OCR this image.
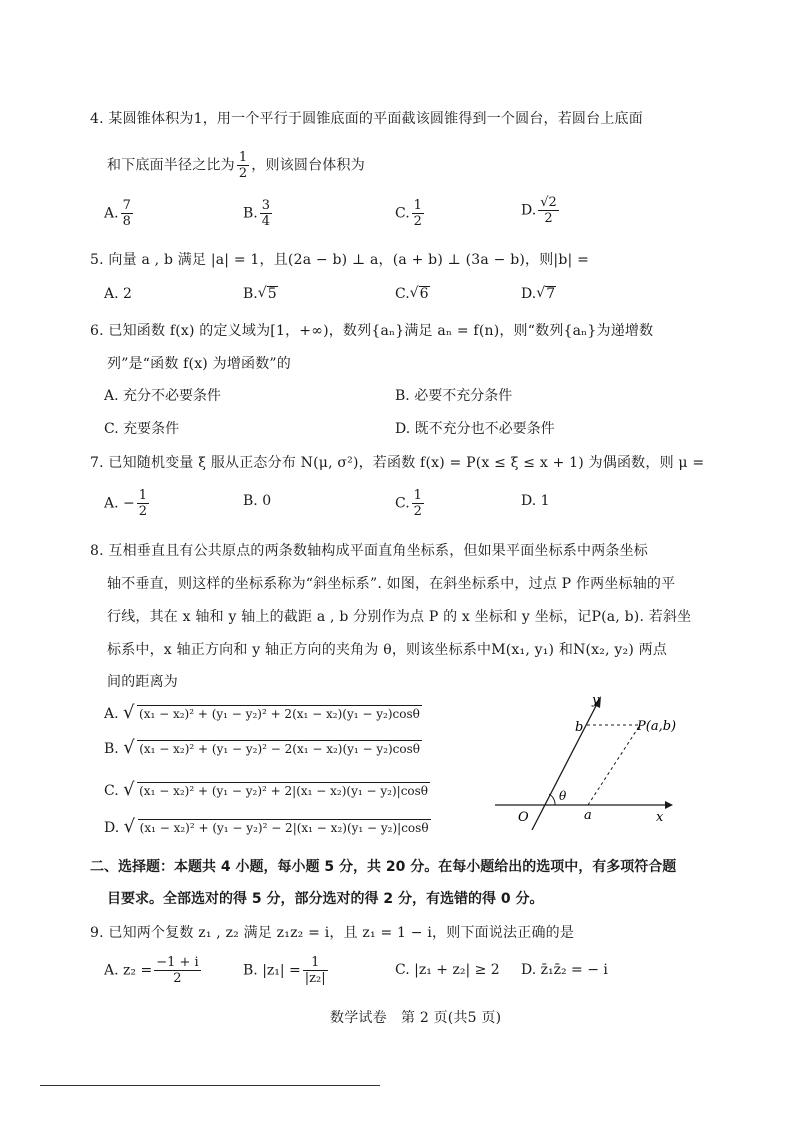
4. 某圆锥体积为1，用一个平行于圆锥底面的平面截该圆锥得到一个圆台，若圆台上底面
和下底面半径之比为 $\frac{1}{2}$ ，则该圆台体积为
A. $\frac{7}{8}$	B. $\frac{3}{4}$	C. $\frac{1}{2}$	D. $\frac{√2}{2}$
5. 向量 a , b 满足 |a| = 1，且(2a − b) ⊥ a，(a + b) ⊥ (3a − b)，则|b| =
A. 2	B. √ 5	C. √ 6	D. √ 7
6. 已知函数 f(x) 的定义域为[1，+∞)，数列{aₙ}满足 aₙ = f(n)，则“数列{aₙ}为递增数
列”是“函数 f(x) 为增函数”的
A. 充分不必要条件	B. 必要不充分条件
C. 充要条件	D. 既不充分也不必要条件
7. 已知随机变量 ξ 服从正态分布 N(μ, σ²)，若函数 f(x) = P(x ≤ ξ ≤ x + 1) 为偶函数，则 μ =
A. − $\frac{1}{2}$	B. 0	C. $\frac{1}{2}$	D. 1
8. 互相垂直且有公共原点的两条数轴构成平面直角坐标系，但如果平面坐标系中两条坐标
轴不垂直，则这样的坐标系称为“斜坐标系”. 如图，在斜坐标系中，过点 P 作两坐标轴的平
行线，其在 x 轴和 y 轴上的截距 a , b 分别作为点 P 的 x 坐标和 y 坐标，记P(a, b). 若斜坐
标系中，x 轴正方向和 y 轴正方向的夹角为 θ，则该坐标系中M(x₁, y₁) 和N(x₂, y₂) 两点
间的距离为
A. √ (x₁ − x₂)² + (y₁ − y₂)² + 2(x₁ − x₂)(y₁ − y₂)cosθ
B. √ (x₁ − x₂)² + (y₁ − y₂)² − 2(x₁ − x₂)(y₁ − y₂)cosθ
C. √ (x₁ − x₂)² + (y₁ − y₂)² + 2|(x₁ − x₂)(y₁ − y₂)|cosθ
D. √ (x₁ − x₂)² + (y₁ − y₂)² − 2|(x₁ − x₂)(y₁ − y₂)|cosθ
y
b	P(a,b)
θ
O	a	x
二、选择题：本题共 4 小题，每小题 5 分，共 20 分。在每小题给出的选项中，有多项符合题
目要求。全部选对的得 5 分，部分选对的得 2 分，有选错的得 0 分。
9. 已知两个复数 z₁ , z₂ 满足 z₁z₂ = i，且 z₁ = 1 − i，则下面说法正确的是
A. $z_2 = \frac{-1 + i}{2}$	B. $|z_1| = \frac{1}{\text{|z₂|}}$	C. |z₁ + z₂| ≥ 2 D. z̄₁z̄₂ = − i
数学试卷　第 2 页(共5 页)
